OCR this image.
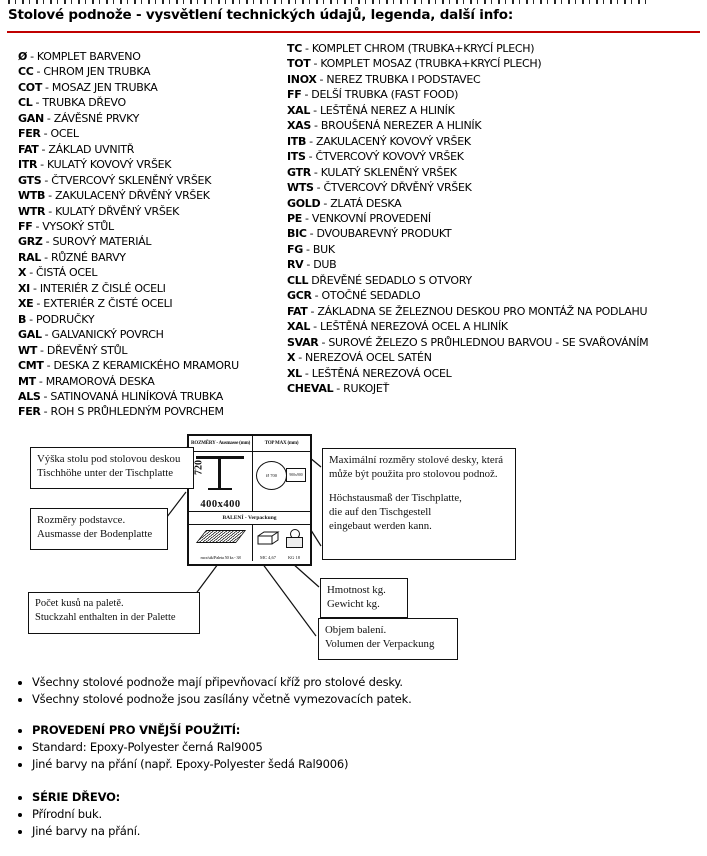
Stolové podnože - vysvětlení technických údajů, legenda, další info:
Ø - KOMPLET BARVENO
CC - CHROM JEN TRUBKA
COT - MOSAZ JEN TRUBKA
CL - TRUBKA DŘEVO
GAN - ZÁVĚSNÉ PRVKY
FER - OCEL
FAT - ZÁKLAD UVNITŘ
ITR - KULATÝ KOVOVÝ VRŠEK
GTS - ČTVERCOVÝ SKLENĚNÝ VRŠEK
WTB - ZAKULACENÝ DŘVĚNÝ VRŠEK
WTR - KULATÝ DŘVĚNÝ VRŠEK
FF - VYSOKÝ STŮL
GRZ - SUROVÝ MATERIÁL
RAL - RŮZNÉ BARVY
X - ČISTÁ OCEL
XI - INTERIÉR Z ČISLÉ OCELI
XE - EXTERIÉR Z ČISTÉ OCELI
B - PODRUČKY
GAL - GALVANICKÝ POVRCH
WT - DŘEVĚNÝ STŮL
CMT - DESKA Z KERAMICKÉHO MRAMORU
MT - MRAMOROVÁ DESKA
ALS - SATINOVANÁ HLINÍKOVÁ TRUBKA
FER - ROH S PRŮHLEDNÝM POVRCHEM
TC - KOMPLET CHROM (TRUBKA+KRYCÍ PLECH)
TOT - KOMPLET MOSAZ (TRUBKA+KRYCÍ PLECH)
INOX - NEREZ TRUBKA I PODSTAVEC
FF - DELŠÍ TRUBKA (FAST FOOD)
XAL - LEŠTĚNÁ NEREZ A HLINÍK
XAS - BROUŠENÁ NEREZER A HLINÍK
ITB - ZAKULACENÝ KOVOVÝ VRŠEK
ITS - ČTVERCOVÝ KOVOVÝ VRŠEK
GTR - KULATÝ SKLENĚNÝ VRŠEK
WTS - ČTVERCOVÝ DŘVĚNÝ VRŠEK
GOLD - ZLATÁ DESKA
PE - VENKOVNÍ PROVEDENÍ
BIC - DVOUBAREVNÝ PRODUKT
FG - BUK
RV - DUB
CLL DŘEVĚNÉ SEDADLO S OTVORY
GCR - OTOČNÉ SEDADLO
FAT - ZÁKLADNA SE ŽELEZNOU DESKOU PRO MONTÁŽ NA PODLAHU
XAL - LEŠTĚNÁ NEREZOVÁ OCEL A HLINÍK
SVAR - SUROVÉ ŽELEZO S PRŮHLEDNOU BARVOU - SE SVAŘOVÁNÍM
X - NEREZOVÁ OCEL SATÉN
XL - LEŠTĚNÁ NEREZOVÁ OCEL
CHEVAL - RUKOJEŤ
ROZMĚRY - Ausmasse (mm)	TOP MAX (mm)
720
400x400
Ø 700	900x900
BALENÍ - Verpackung
mcs/stk/Paleta 50 ks - 38	MC 4,67	KG 18
Výška stolu pod stolovou deskou
Tischhöhe unter der Tischplatte
Rozměry podstavce.
Ausmasse der Bodenplatte
Maximální rozměry stolové desky, která
může být použita pro stolovou podnož.
Höchstausmaß der Tischplatte,
die auf den Tischgestell
eingebaut werden kann.
Počet kusů na paletě.
Stuckzahl enthalten in der Palette
Hmotnost kg.
Gewicht kg.
Objem balení.
Volumen der Verpackung
• Všechny stolové podnože mají připevňovací kříž pro stolové desky.
• Všechny stolové podnože jsou zasílány včetně vymezovacích patek.
• PROVEDENÍ PRO VNĚJŠÍ POUŽITÍ:
• Standard: Epoxy-Polyester černá Ral9005
• Jiné barvy na přání (např. Epoxy-Polyester šedá Ral9006)
• SÉRIE DŘEVO:
• Přírodní buk.
• Jiné barvy na přání.
